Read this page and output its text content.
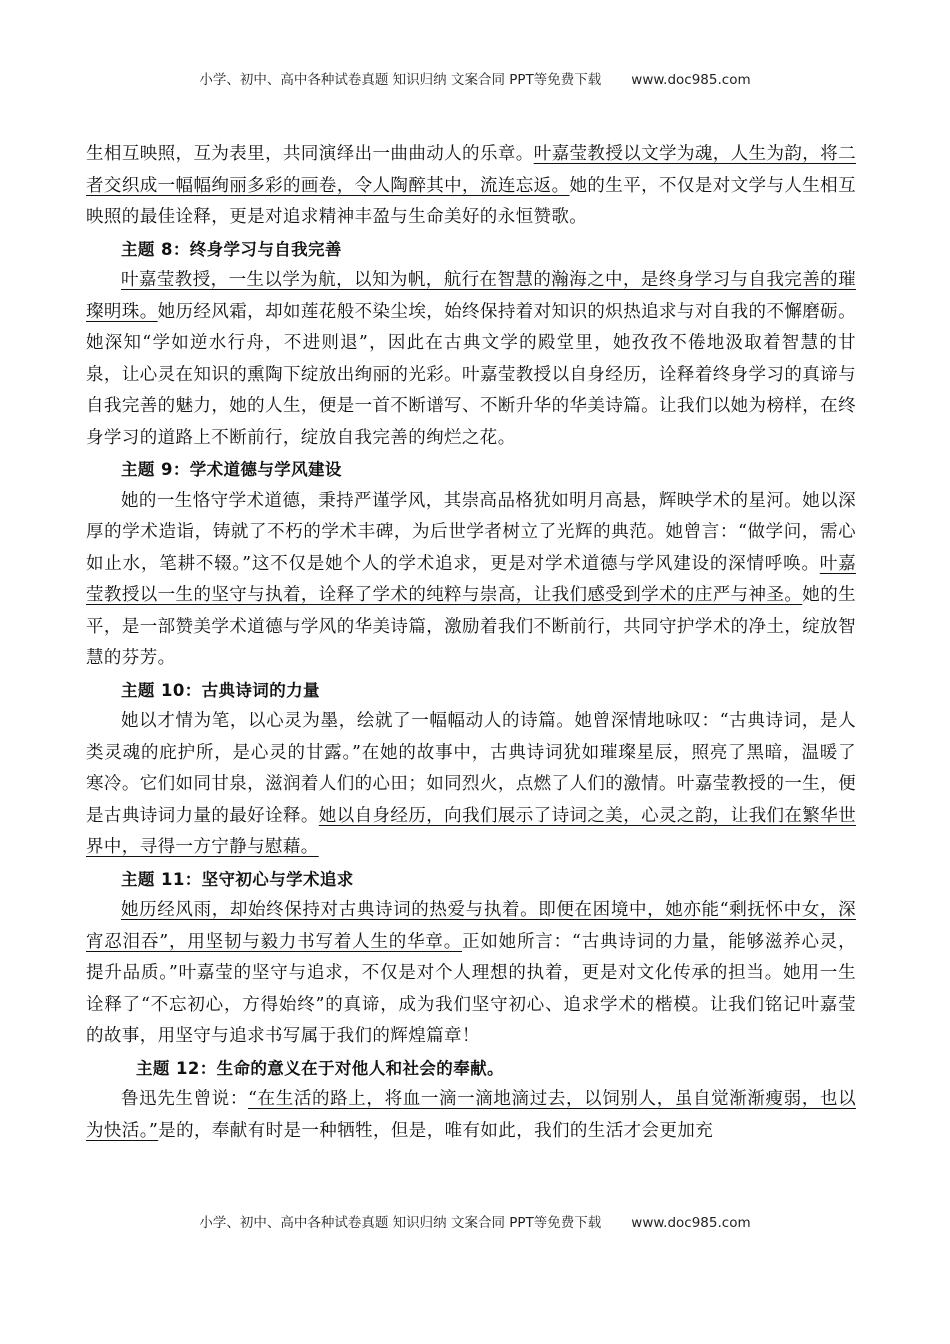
小学、初中、高中各种试卷真题 知识归纳 文案合同 PPT等免费下载 www.doc985.com

生相互映照，互为表里，共同演绎出一曲曲动人的乐章。叶嘉莹教授以文学为魂，人生为韵，将二者交织成一幅幅绚丽多彩的画卷，令人陶醉其中，流连忘返。她的生平，不仅是对文学与人生相互映照的最佳诠释，更是对追求精神丰盈与生命美好的永恒赞歌。

主题 8：终身学习与自我完善

叶嘉莹教授，一生以学为航，以知为帆，航行在智慧的瀚海之中，是终身学习与自我完善的璀璨明珠。她历经风霜，却如莲花般不染尘埃，始终保持着对知识的炽热追求与对自我的不懈磨砺。她深知“学如逆水行舟，不进则退”，因此在古典文学的殿堂里，她孜孜不倦地汲取着智慧的甘泉，让心灵在知识的熏陶下绽放出绚丽的光彩。叶嘉莹教授以自身经历，诠释着终身学习的真谛与自我完善的魅力，她的人生，便是一首不断谱写、不断升华的华美诗篇。让我们以她为榜样，在终身学习的道路上不断前行，绽放自我完善的绚烂之花。

主题 9：学术道德与学风建设

她的一生恪守学术道德，秉持严谨学风，其崇高品格犹如明月高悬，辉映学术的星河。她以深厚的学术造诣，铸就了不朽的学术丰碑，为后世学者树立了光辉的典范。她曾言：“做学问，需心如止水，笔耕不辍。”这不仅是她个人的学术追求，更是对学术道德与学风建设的深情呼唤。叶嘉莹教授以一生的坚守与执着，诠释了学术的纯粹与崇高，让我们感受到学术的庄严与神圣。她的生平，是一部赞美学术道德与学风的华美诗篇，激励着我们不断前行，共同守护学术的净土，绽放智慧的芬芳。

主题 10：古典诗词的力量

她以才情为笔，以心灵为墨，绘就了一幅幅动人的诗篇。她曾深情地咏叹：“古典诗词，是人类灵魂的庇护所，是心灵的甘露。”在她的故事中，古典诗词犹如璀璨星辰，照亮了黑暗，温暖了寒冷。它们如同甘泉，滋润着人们的心田；如同烈火，点燃了人们的激情。叶嘉莹教授的一生，便是古典诗词力量的最好诠释。她以自身经历，向我们展示了诗词之美，心灵之韵，让我们在繁华世界中，寻得一方宁静与慰藉。

主题 11：坚守初心与学术追求

她历经风雨，却始终保持对古典诗词的热爱与执着。即便在困境中，她亦能“剩抚怀中女，深宵忍泪吞”，用坚韧与毅力书写着人生的华章。正如她所言：“古典诗词的力量，能够滋养心灵，提升品质。”叶嘉莹的坚守与追求，不仅是对个人理想的执着，更是对文化传承的担当。她用一生诠释了“不忘初心，方得始终”的真谛，成为我们坚守初心、追求学术的楷模。让我们铭记叶嘉莹的故事，用坚守与追求书写属于我们的辉煌篇章！

主题 12：生命的意义在于对他人和社会的奉献。

鲁迅先生曾说：“在生活的路上，将血一滴一滴地滴过去，以饲别人，虽自觉渐渐瘦弱，也以为快活。”是的，奉献有时是一种牺牲，但是，唯有如此，我们的生活才会更加充

小学、初中、高中各种试卷真题 知识归纳 文案合同 PPT等免费下载 www.doc985.com
